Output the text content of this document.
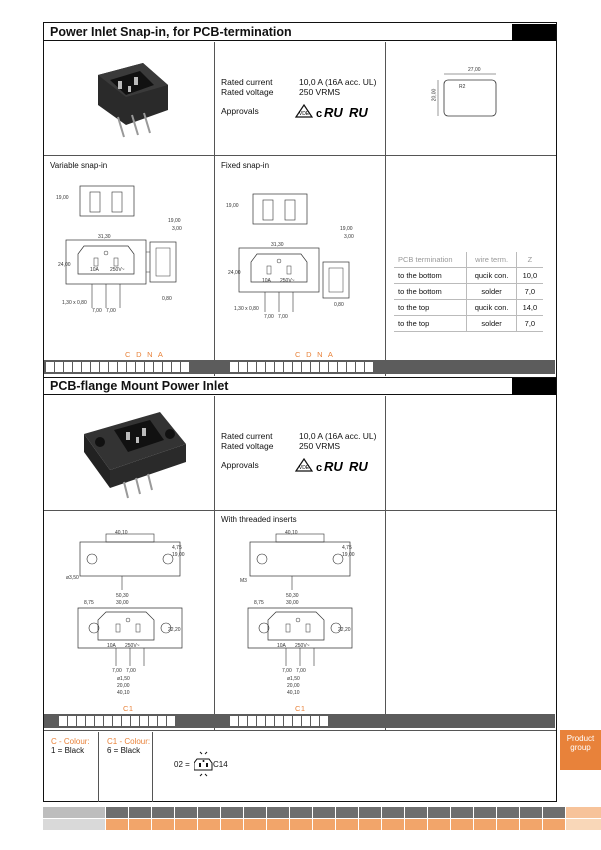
Power Inlet Snap-in, for PCB-termination
Rated current	10,0 A (16A acc. UL)
Rated voltage	250 VRMS
Approvals	VDE c RU RU
27,00
20,00
R2
Variable snap-in
19,00
31,30
24,00
19,00
3,00
10A 250V~
1,30 x 0,80
7,00 7,00
0,80
Fixed snap-in
19,00
31,30
24,00
19,00
3,00
10A 250V~
1,30 x 0,80
7,00 7,00
0,80
PCB termination	wire term.	Z
to the bottom	qucik con.	10,0
to the bottom	solder	7,0
to the top	qucik con.	14,0
to the top	solder	7,0
C  D  N  A	C  D  N  A
PCB-flange Mount Power Inlet
Rated current	10,0 A (16A acc. UL)
Rated voltage	250 VRMS
Approvals	VDE c RU RU
With threaded inserts
40,10	40,10
50,30	50,30
30,00	30,00
8,75	8,75
22,20	22,20
ø3,50	M3
19,00	19,00
4,75	4,75
10A 250V~	10A 250V~
7,00 7,00	7,00 7,00
ø1,50	ø1,50
20,00	20,00
40,10	40,10
C1	C1
C - Colour:
1 = Black
C1 - Colour:
6 = Black
02 =	C14
Product group
